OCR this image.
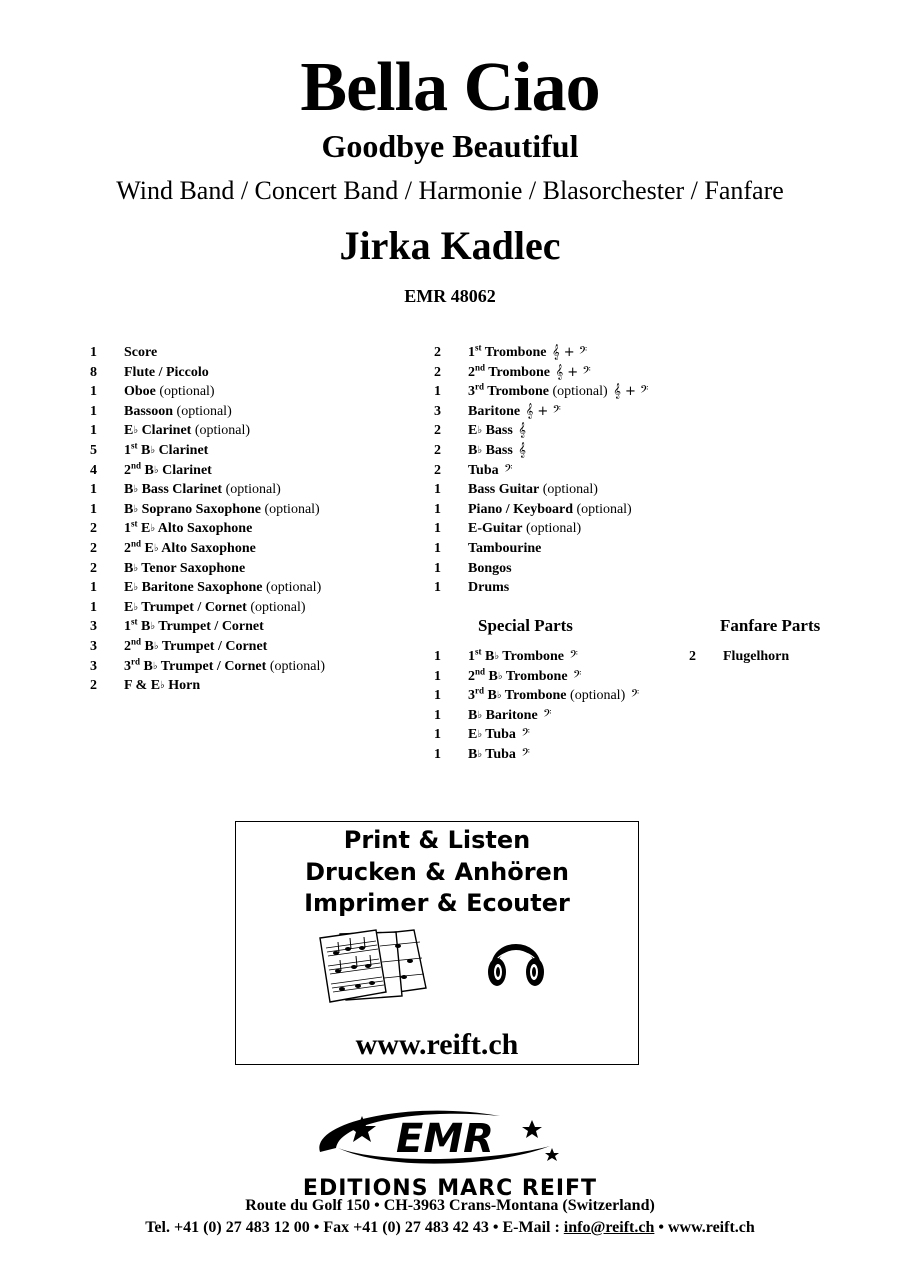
Bella Ciao
Goodbye Beautiful
Wind Band / Concert Band / Harmonie / Blasorchester / Fanfare
Jirka Kadlec
EMR 48062
1 Score
8 Flute / Piccolo
1 Oboe (optional)
1 Bassoon (optional)
1 E♭ Clarinet (optional)
5 1st B♭ Clarinet
4 2nd B♭ Clarinet
1 B♭ Bass Clarinet (optional)
1 B♭ Soprano Saxophone (optional)
2 1st E♭ Alto Saxophone
2 2nd E♭ Alto Saxophone
2 B♭ Tenor Saxophone
1 E♭ Baritone Saxophone (optional)
1 E♭ Trumpet / Cornet (optional)
3 1st B♭ Trumpet / Cornet
3 2nd B♭ Trumpet / Cornet
3 3rd B♭ Trumpet / Cornet (optional)
2 F & E♭ Horn
2 1st Trombone 𝄞 + 𝄢
2 2nd Trombone 𝄞 + 𝄢
1 3rd Trombone (optional) 𝄞 + 𝄢
3 Baritone 𝄞 + 𝄢
2 E♭ Bass 𝄞
2 B♭ Bass 𝄞
2 Tuba 𝄢
1 Bass Guitar (optional)
1 Piano / Keyboard (optional)
1 E-Guitar (optional)
1 Tambourine
1 Bongos
1 Drums
Special Parts	Fanfare Parts
1 1st B♭ Trombone 𝄢
1 2nd B♭ Trombone 𝄢
1 3rd B♭ Trombone (optional) 𝄢
1 B♭ Baritone 𝄢
1 E♭ Tuba 𝄢
1 B♭ Tuba 𝄢
2 Flugelhorn
Print & Listen
Drucken & Anhören
Imprimer & Ecouter
www.reift.ch
EMR
EDITIONS MARC REIFT
Route du Golf 150 • CH-3963 Crans-Montana (Switzerland)
Tel. +41 (0) 27 483 12 00 • Fax +41 (0) 27 483 42 43 • E-Mail : info@reift.ch • www.reift.ch
